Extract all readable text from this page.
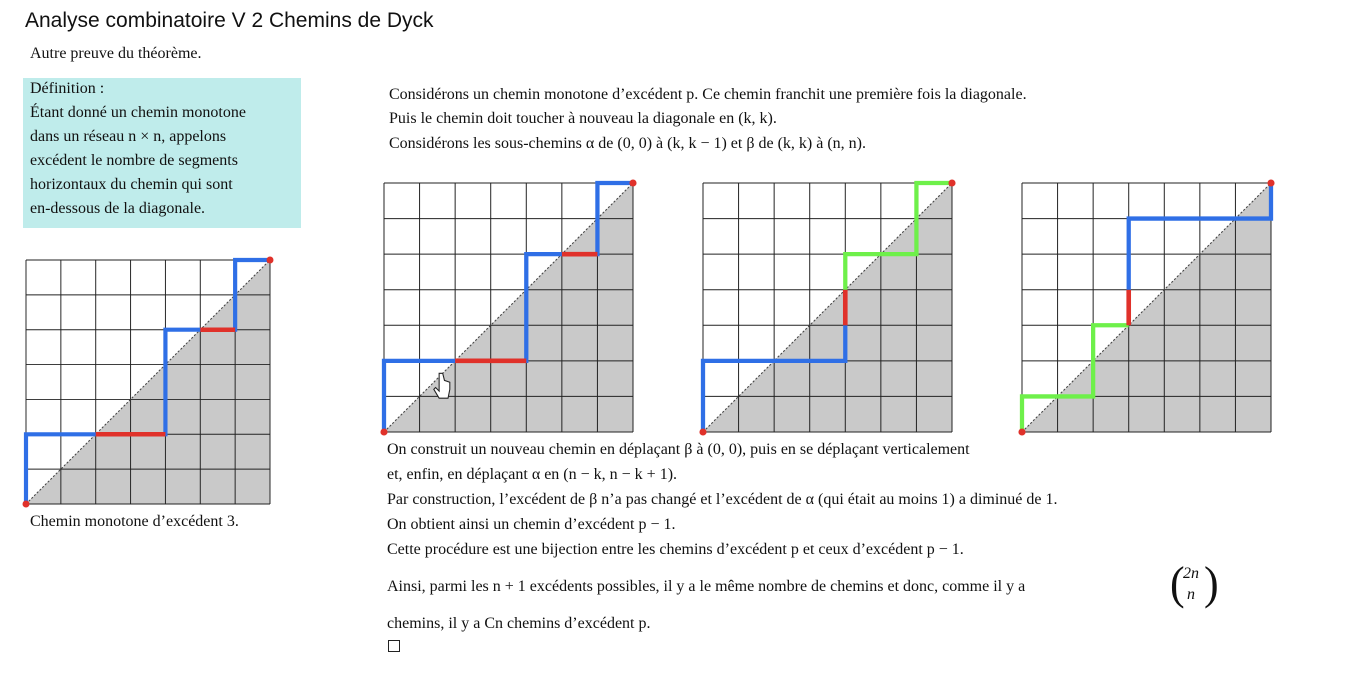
Analyse combinatoire V 2 Chemins de Dyck
Autre preuve du théorème.
Définition :
Étant donné un chemin monotone
dans un réseau n × n, appelons
excédent le nombre de segments
horizontaux du chemin qui sont
en-dessous de la diagonale.
Chemin monotone d’excédent 3.
Considérons un chemin monotone d’excédent p. Ce chemin franchit une première fois la diagonale.
Puis le chemin doit toucher à nouveau la diagonale en (k, k).
Considérons les sous-chemins α de (0, 0) à (k, k − 1) et β de (k, k) à (n, n).
On construit un nouveau chemin en déplaçant β à (0, 0), puis en se déplaçant verticalement
et, enfin, en déplaçant α en (n − k, n − k + 1).
Par construction, l’excédent de β n’a pas changé et l’excédent de α (qui était au moins 1) a diminué de 1.
On obtient ainsi un chemin d’excédent p − 1.
Cette procédure est une bijection entre les chemins d’excédent p et ceux d’excédent p − 1.
Ainsi, parmi les n + 1 excédents possibles, il y a le même nombre de chemins et donc, comme il y a	(
2n
n )
chemins, il y a Cn chemins d’excédent p.
